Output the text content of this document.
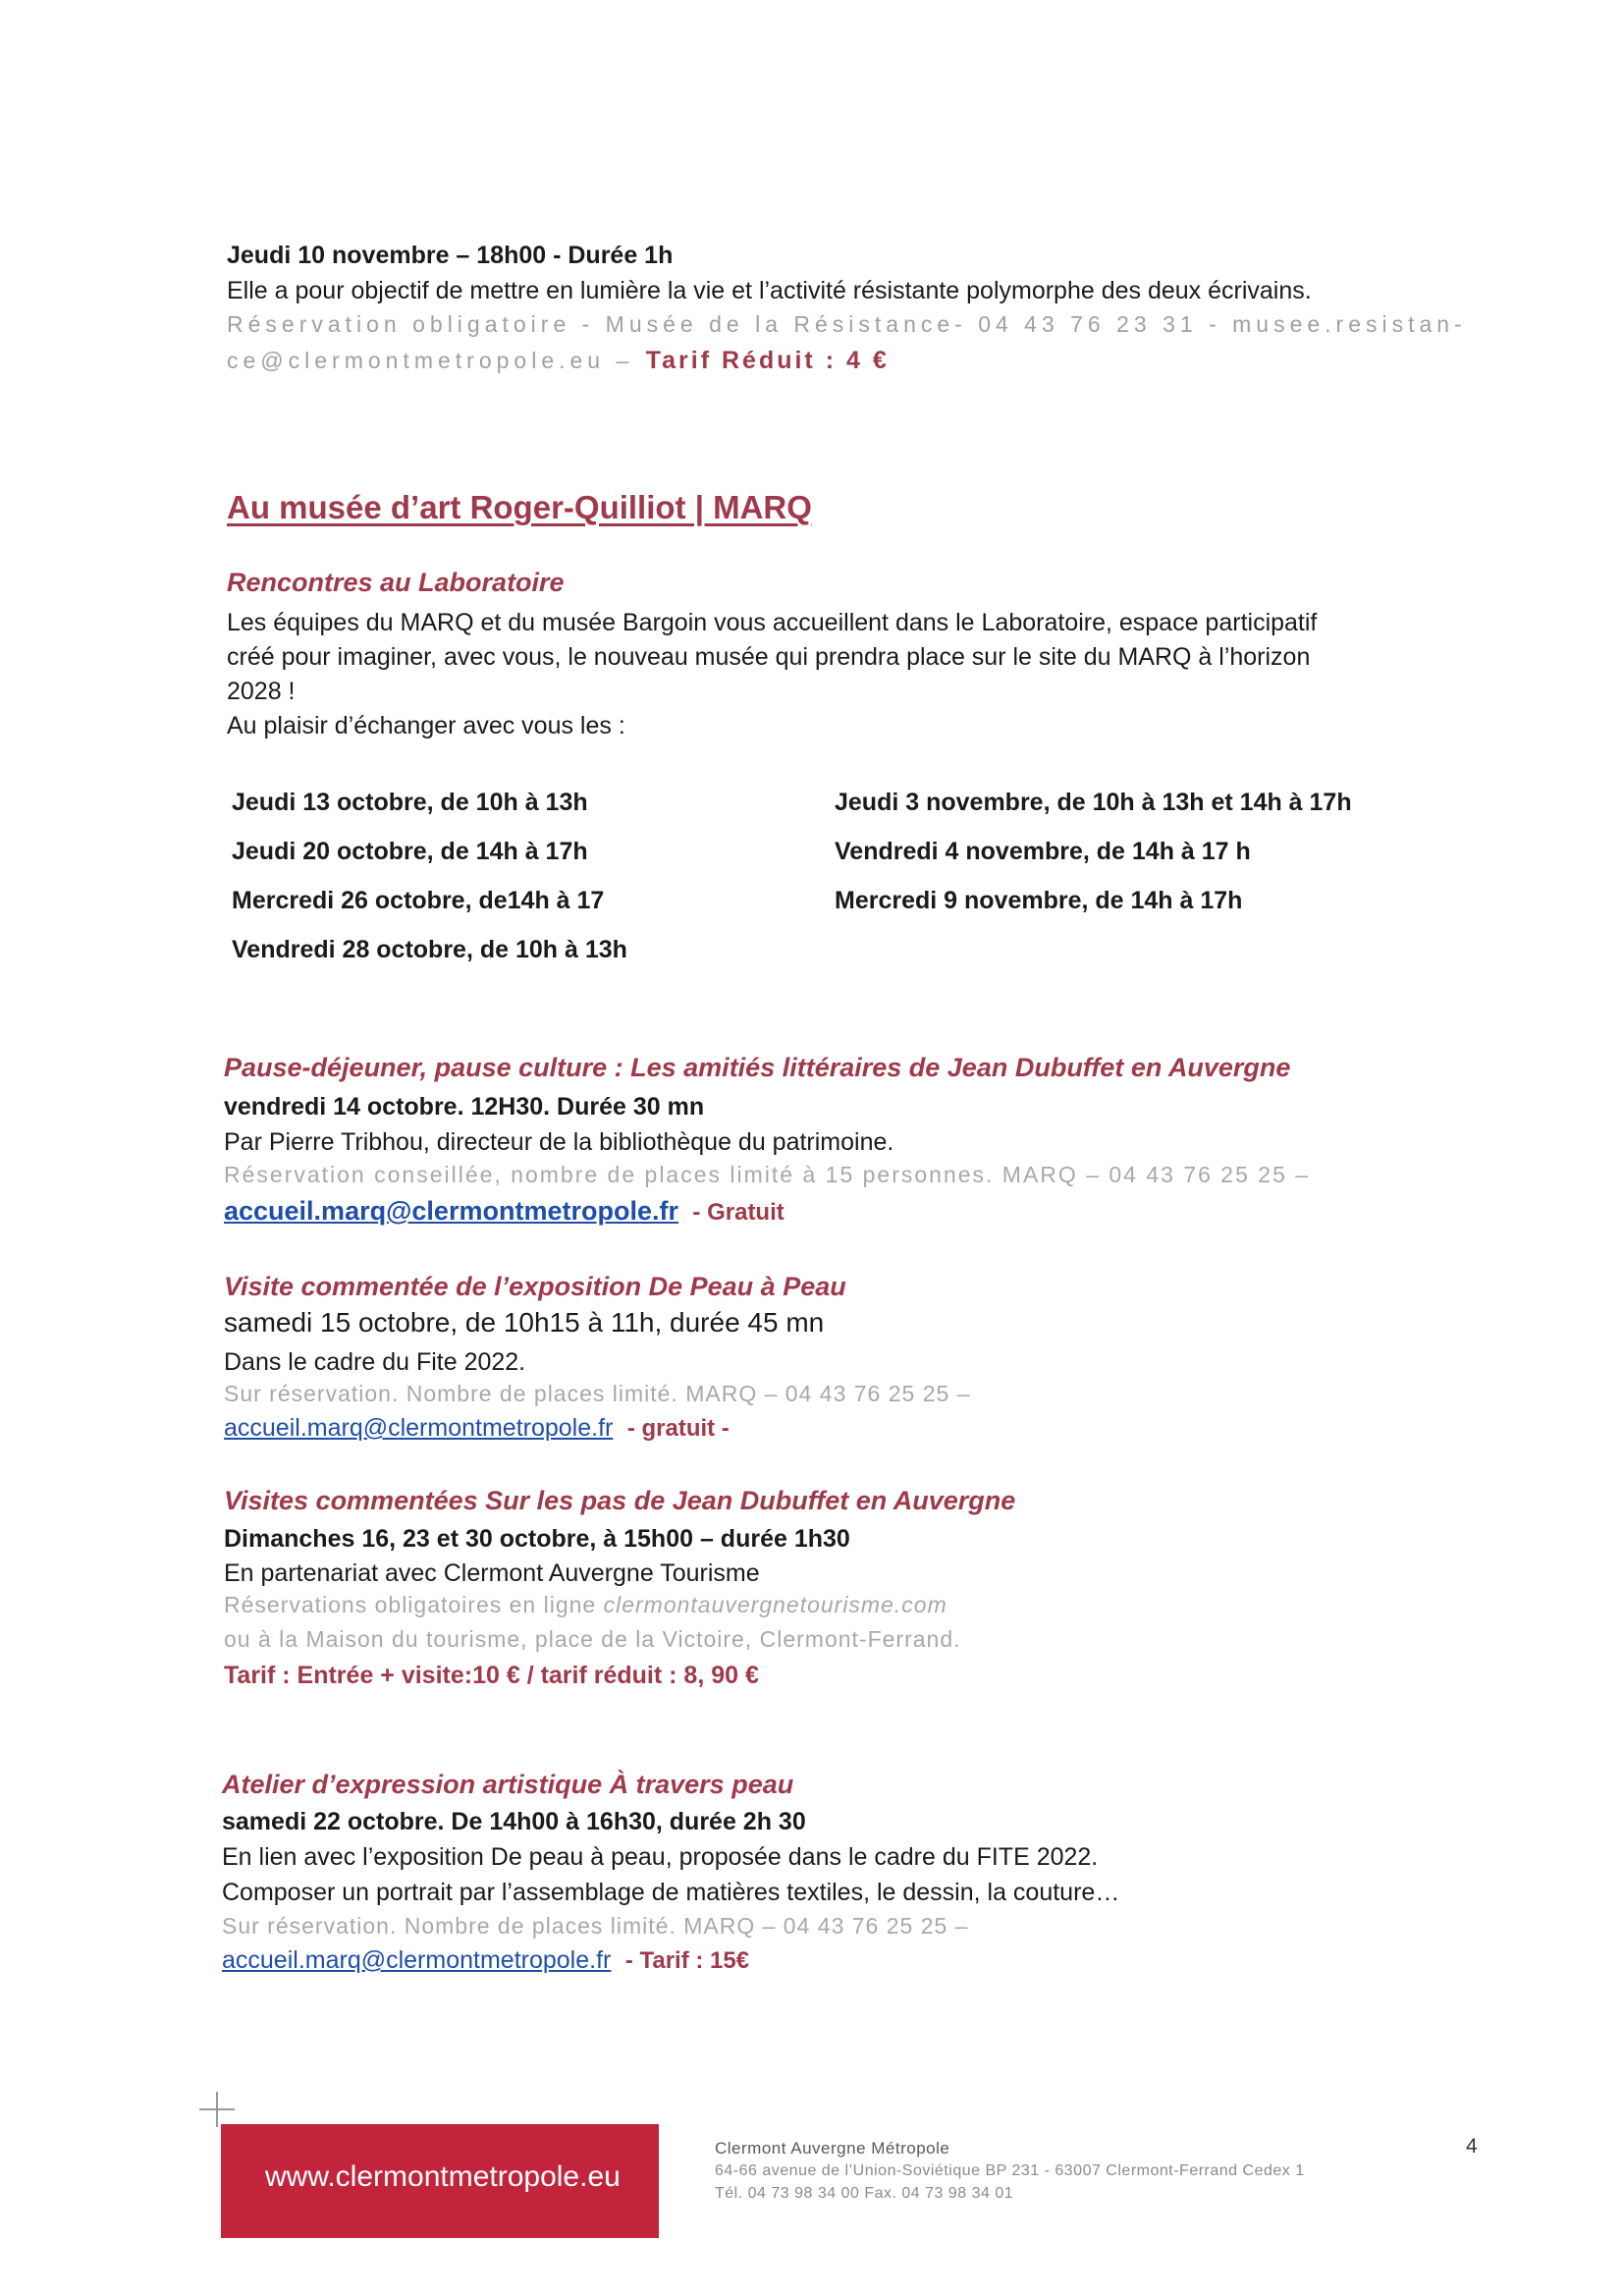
Jeudi 10 novembre – 18h00 - Durée 1h
Elle a pour objectif de mettre en lumière la vie et l’activité résistante polymorphe des deux écrivains.
Réservation obligatoire - Musée de la Résistance- 04 43 76 23 31 - musee.resistan-
ce@clermontmetropole.eu – Tarif Réduit : 4 €
Au musée d’art Roger-Quilliot | MARQ
Rencontres au Laboratoire
Les équipes du MARQ et du musée Bargoin vous accueillent dans le Laboratoire, espace participatif
créé pour imaginer, avec vous, le nouveau musée qui prendra place sur le site du MARQ à l’horizon
2028 !
Au plaisir d’échanger avec vous les :
Jeudi 13 octobre, de 10h à 13h
Jeudi 20 octobre, de 14h à 17h
Mercredi 26 octobre, de14h à 17
Vendredi 28 octobre, de 10h à 13h
Jeudi 3 novembre, de 10h à 13h et 14h à 17h
Vendredi 4 novembre, de 14h à 17 h
Mercredi 9 novembre, de 14h à 17h
Pause-déjeuner, pause culture : Les amitiés littéraires de Jean Dubuffet en Auvergne
vendredi 14 octobre. 12H30. Durée 30 mn
Par Pierre Tribhou, directeur de la bibliothèque du patrimoine.
Réservation conseillée, nombre de places limité à 15 personnes. MARQ – 04 43 76 25 25 –
accueil.marq@clermontmetropole.fr - Gratuit
Visite commentée de l’exposition De Peau à Peau
samedi 15 octobre, de 10h15 à 11h, durée 45 mn
Dans le cadre du Fite 2022.
Sur réservation. Nombre de places limité. MARQ – 04 43 76 25 25 –
accueil.marq@clermontmetropole.fr - gratuit -
Visites commentées Sur les pas de Jean Dubuffet en Auvergne
Dimanches 16, 23 et 30 octobre, à 15h00 – durée 1h30
En partenariat avec Clermont Auvergne Tourisme
Réservations obligatoires en ligne clermontauvergnetourisme.com
ou à la Maison du tourisme, place de la Victoire, Clermont-Ferrand.
Tarif : Entrée + visite:10 € / tarif réduit : 8, 90 €
Atelier d’expression artistique À travers peau
samedi 22 octobre. De 14h00 à 16h30, durée 2h 30
En lien avec l’exposition De peau à peau, proposée dans le cadre du FITE 2022.
Composer un portrait par l’assemblage de matières textiles, le dessin, la couture…
Sur réservation. Nombre de places limité. MARQ – 04 43 76 25 25 –
accueil.marq@clermontmetropole.fr - Tarif : 15€
www.clermontmetropole.eu
Clermont Auvergne Métropole
64-66 avenue de l’Union-Soviétique BP 231 - 63007 Clermont-Ferrand Cedex 1
Tél. 04 73 98 34 00 Fax. 04 73 98 34 01
4
